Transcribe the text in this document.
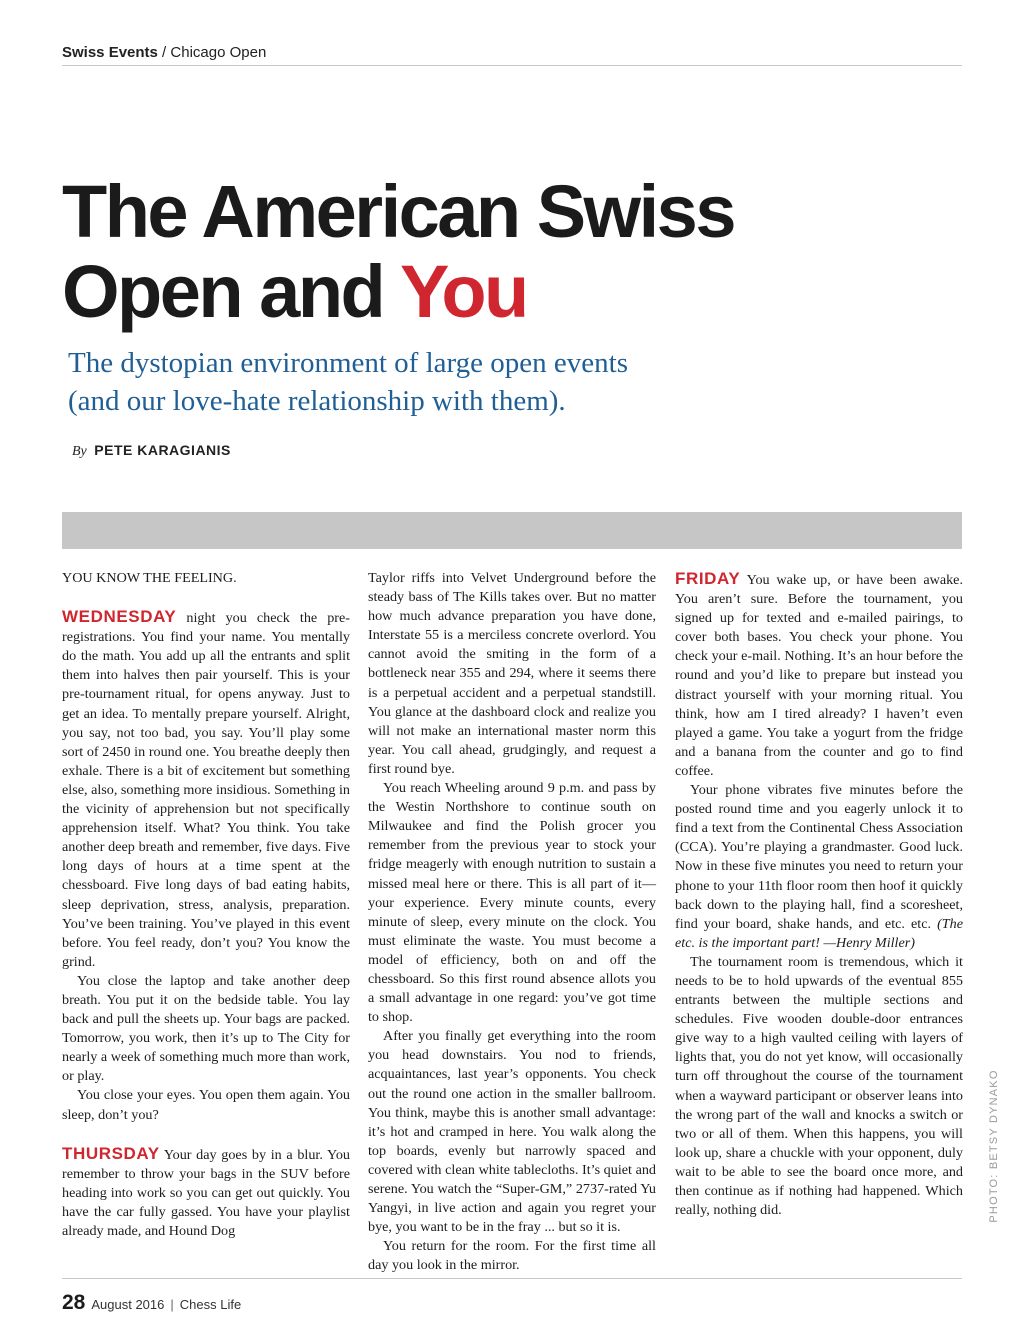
Swiss Events / Chicago Open
The American Swiss
Open and You
The dystopian environment of large open events
(and our love-hate relationship with them).
By PETE KARAGIANIS

YOU KNOW THE FEELING.

WEDNESDAY night you check the pre-registrations. You find your name. You mentally do the math. You add up all the entrants and split them into halves then pair yourself. This is your pre-tournament ritual, for opens anyway. Just to get an idea. To mentally prepare yourself. Alright, you say, not too bad, you say. You’ll play some sort of 2450 in round one. You breathe deeply then exhale. There is a bit of excitement but something else, also, something more insidious. Something in the vicinity of apprehension but not specifically apprehension itself. What? You think. You take another deep breath and remember, five days. Five long days of hours at a time spent at the chessboard. Five long days of bad eating habits, sleep deprivation, stress, analysis, preparation. You’ve been training. You’ve played in this event before. You feel ready, don’t you? You know the grind.

You close the laptop and take another deep breath. You put it on the bedside table. You lay back and pull the sheets up. Your bags are packed. Tomorrow, you work, then it’s up to The City for nearly a week of something much more than work, or play.

You close your eyes. You open them again. You sleep, don’t you?

THURSDAY Your day goes by in a blur. You remember to throw your bags in the SUV before heading into work so you can get out quickly. You have the car fully gassed. You have your playlist already made, and Hound Dog

Taylor riffs into Velvet Underground before the steady bass of The Kills takes over. But no matter how much advance preparation you have done, Interstate 55 is a merciless concrete overlord. You cannot avoid the smiting in the form of a bottleneck near 355 and 294, where it seems there is a perpetual accident and a perpetual standstill. You glance at the dashboard clock and realize you will not make an international master norm this year. You call ahead, grudgingly, and request a first round bye.

You reach Wheeling around 9 p.m. and pass by the Westin Northshore to continue south on Milwaukee and find the Polish grocer you remember from the previous year to stock your fridge meagerly with enough nutrition to sustain a missed meal here or there. This is all part of it—your experience. Every minute counts, every minute of sleep, every minute on the clock. You must eliminate the waste. You must become a model of efficiency, both on and off the chessboard. So this first round absence allots you a small advantage in one regard: you’ve got time to shop.

After you finally get everything into the room you head downstairs. You nod to friends, acquaintances, last year’s opponents. You check out the round one action in the smaller ballroom. You think, maybe this is another small advantage: it’s hot and cramped in here. You walk along the top boards, evenly but narrowly spaced and covered with clean white tablecloths. It’s quiet and serene. You watch the “Super-GM,” 2737-rated Yu Yangyi, in live action and again you regret your bye, you want to be in the fray ... but so it is.

You return for the room. For the first time all day you look in the mirror.

FRIDAY You wake up, or have been awake. You aren’t sure. Before the tournament, you signed up for texted and e-mailed pairings, to cover both bases. You check your phone. You check your e-mail. Nothing. It’s an hour before the round and you’d like to prepare but instead you distract yourself with your morning ritual. You think, how am I tired already? I haven’t even played a game. You take a yogurt from the fridge and a banana from the counter and go to find coffee.

Your phone vibrates five minutes before the posted round time and you eagerly unlock it to find a text from the Continental Chess Association (CCA). You’re playing a grandmaster. Good luck. Now in these five minutes you need to return your phone to your 11th floor room then hoof it quickly back down to the playing hall, find a scoresheet, find your board, shake hands, and etc. etc. (The etc. is the important part! —Henry Miller)

The tournament room is tremendous, which it needs to be to hold upwards of the eventual 855 entrants between the multiple sections and schedules. Five wooden double-door entrances give way to a high vaulted ceiling with layers of lights that, you do not yet know, will occasionally turn off throughout the course of the tournament when a wayward participant or observer leans into the wrong part of the wall and knocks a switch or two or all of them. When this happens, you will look up, share a chuckle with your opponent, duly wait to be able to see the board once more, and then continue as if nothing had happened. Which really, nothing did.	PHOTO: BETSY DYNAKO
28 August 2016 | Chess Life
